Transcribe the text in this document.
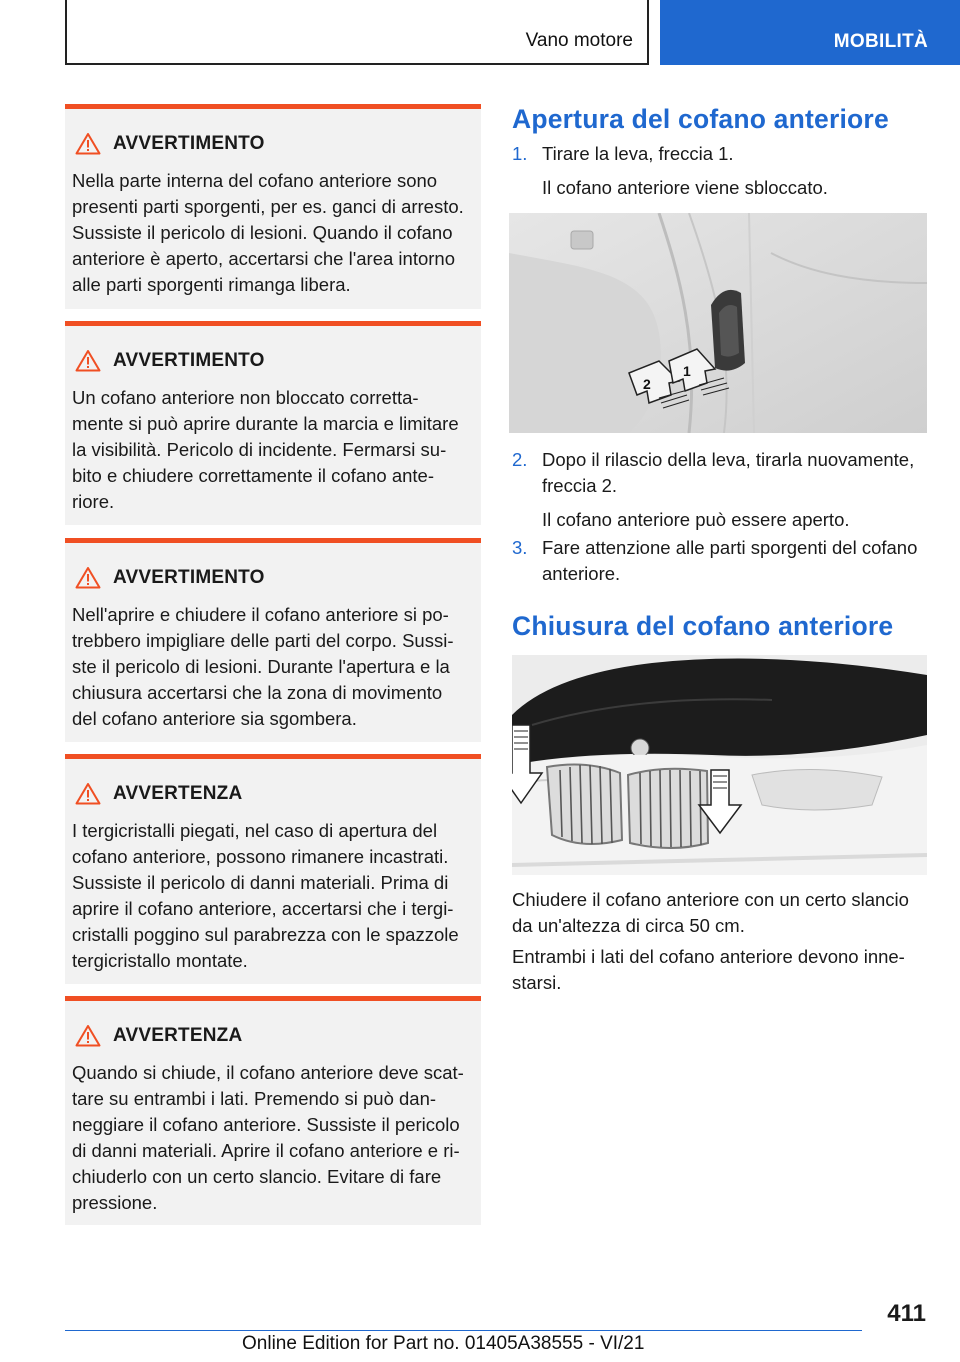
Vano motore	MOBILITÀ
AVVERTIMENTO

Nella parte interna del cofano anteriore sono

presenti parti sporgenti, per es. ganci di arresto.

Sussiste il pericolo di lesioni. Quando il cofano

anteriore è aperto, accertarsi che l'area intorno

alle parti sporgenti rimanga libera.

AVVERTIMENTO

Un cofano anteriore non bloccato corretta-

mente si può aprire durante la marcia e limitare

la visibilità. Pericolo di incidente. Fermarsi su-

bito e chiudere correttamente il cofano ante-

riore.

AVVERTIMENTO

Nell'aprire e chiudere il cofano anteriore si po-

trebbero impigliare delle parti del corpo. Sussi-

ste il pericolo di lesioni. Durante l'apertura e la

chiusura accertarsi che la zona di movimento

del cofano anteriore sia sgombera.

AVVERTENZA

I tergicristalli piegati, nel caso di apertura del

cofano anteriore, possono rimanere incastrati.

Sussiste il pericolo di danni materiali. Prima di

aprire il cofano anteriore, accertarsi che i tergi-

cristalli poggino sul parabrezza con le spazzole

tergicristallo montate.

AVVERTENZA

Quando si chiude, il cofano anteriore deve scat-

tare su entrambi i lati. Premendo si può dan-

neggiare il cofano anteriore. Sussiste il pericolo

di danni materiali. Aprire il cofano anteriore e ri-

chiuderlo con un certo slancio. Evitare di fare

pressione.

Apertura del cofano anteriore
1. Tirare la leva, freccia 1.

Il cofano anteriore viene sbloccato.

2
1
2. Dopo il rilascio della leva, tirarla nuovamente,
freccia 2.

Il cofano anteriore può essere aperto.

3. Fare attenzione alle parti sporgenti del cofano
anteriore.

Chiusura del cofano anteriore
Chiudere il cofano anteriore con un certo slancio
da un'altezza di circa 50 cm.
Entrambi i lati del cofano anteriore devono inne-
starsi.
411
Online Edition for Part no. 01405A38555 - VI/21
